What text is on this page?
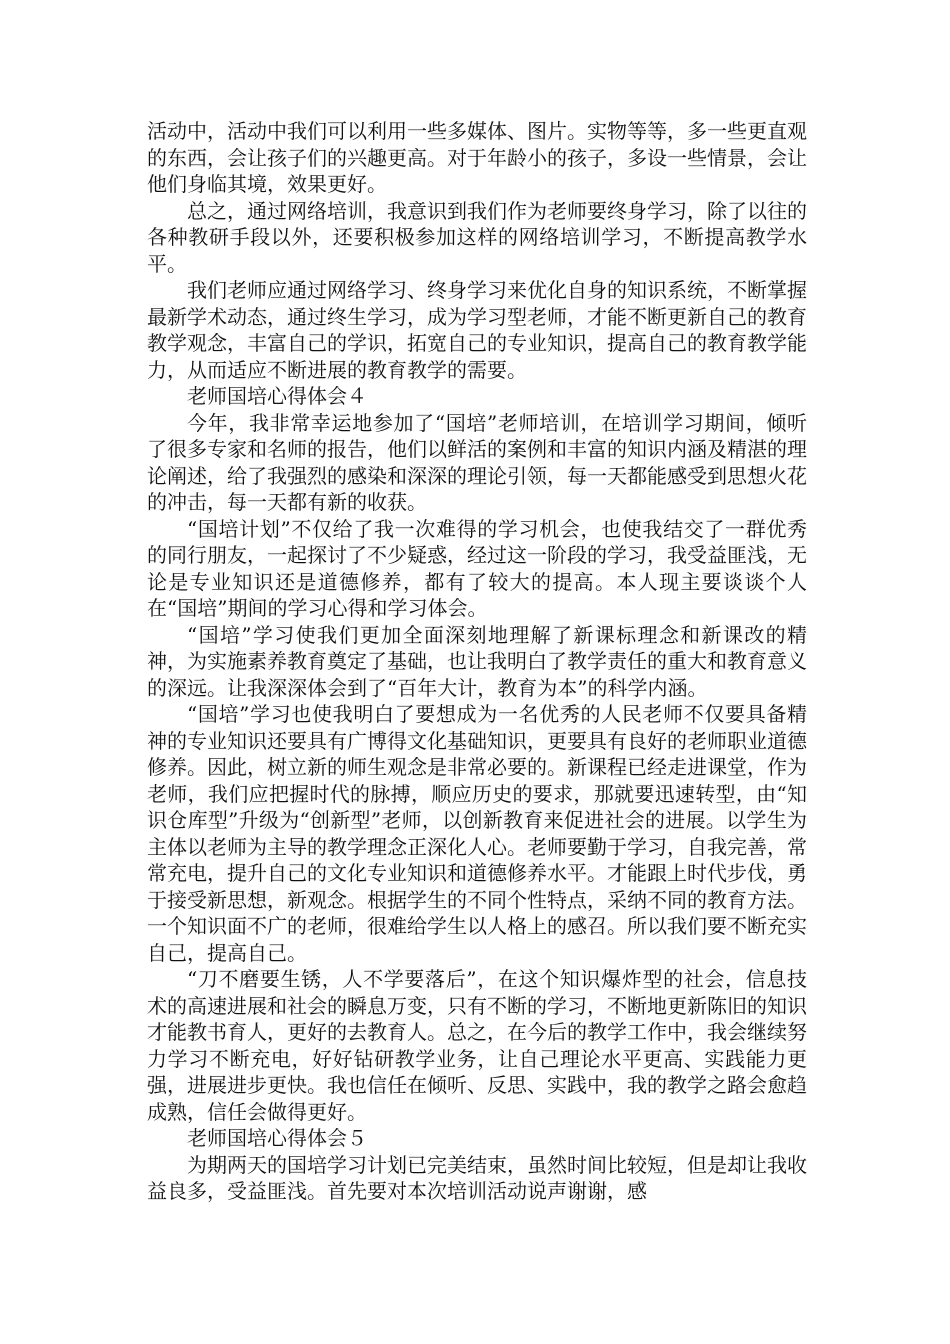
活动中，活动中我们可以利用一些多媒体、图片。实物等等，多一些更直观的东西，会让孩子们的兴趣更高。对于年龄小的孩子，多设一些情景，会让他们身临其境，效果更好。

总之，通过网络培训，我意识到我们作为老师要终身学习，除了以往的各种教研手段以外，还要积极参加这样的网络培训学习，不断提高教学水平。

我们老师应通过网络学习、终身学习来优化自身的知识系统，不断掌握最新学术动态，通过终生学习，成为学习型老师，才能不断更新自己的教育教学观念，丰富自己的学识，拓宽自己的专业知识，提高自己的教育教学能力，从而适应不断进展的教育教学的需要。

老师国培心得体会４

今年，我非常幸运地参加了“国培”老师培训，在培训学习期间，倾听了很多专家和名师的报告，他们以鲜活的案例和丰富的知识内涵及精湛的理论阐述，给了我强烈的感染和深深的理论引领，每一天都能感受到思想火花的冲击，每一天都有新的收获。

“国培计划”不仅给了我一次难得的学习机会，也使我结交了一群优秀的同行朋友，一起探讨了不少疑惑，经过这一阶段的学习，我受益匪浅，无论是专业知识还是道德修养，都有了较大的提高。本人现主要谈谈个人在“国培”期间的学习心得和学习体会。

“国培”学习使我们更加全面深刻地理解了新课标理念和新课改的精神，为实施素养教育奠定了基础，也让我明白了教学责任的重大和教育意义的深远。让我深深体会到了“百年大计，教育为本”的科学内涵。

“国培”学习也使我明白了要想成为一名优秀的人民老师不仅要具备精神的专业知识还要具有广博得文化基础知识，更要具有良好的老师职业道德修养。因此，树立新的师生观念是非常必要的。新课程已经走进课堂，作为老师，我们应把握时代的脉搏，顺应历史的要求，那就要迅速转型，由“知识仓库型”升级为“创新型”老师，以创新教育来促进社会的进展。以学生为主体以老师为主导的教学理念正深化人心。老师要勤于学习，自我完善，常常充电，提升自己的文化专业知识和道德修养水平。才能跟上时代步伐，勇于接受新思想，新观念。根据学生的不同个性特点，采纳不同的教育方法。一个知识面不广的老师，很难给学生以人格上的感召。所以我们要不断充实自己，提高自己。

“刀不磨要生锈，人不学要落后”，在这个知识爆炸型的社会，信息技术的高速进展和社会的瞬息万变，只有不断的学习，不断地更新陈旧的知识才能教书育人，更好的去教育人。总之，在今后的教学工作中，我会继续努力学习不断充电，好好钻研教学业务，让自己理论水平更高、实践能力更强，进展进步更快。我也信任在倾听、反思、实践中，我的教学之路会愈趋成熟，信任会做得更好。

老师国培心得体会５

为期两天的国培学习计划已完美结束，虽然时间比较短，但是却让我收益良多，受益匪浅。首先要对本次培训活动说声谢谢，感
